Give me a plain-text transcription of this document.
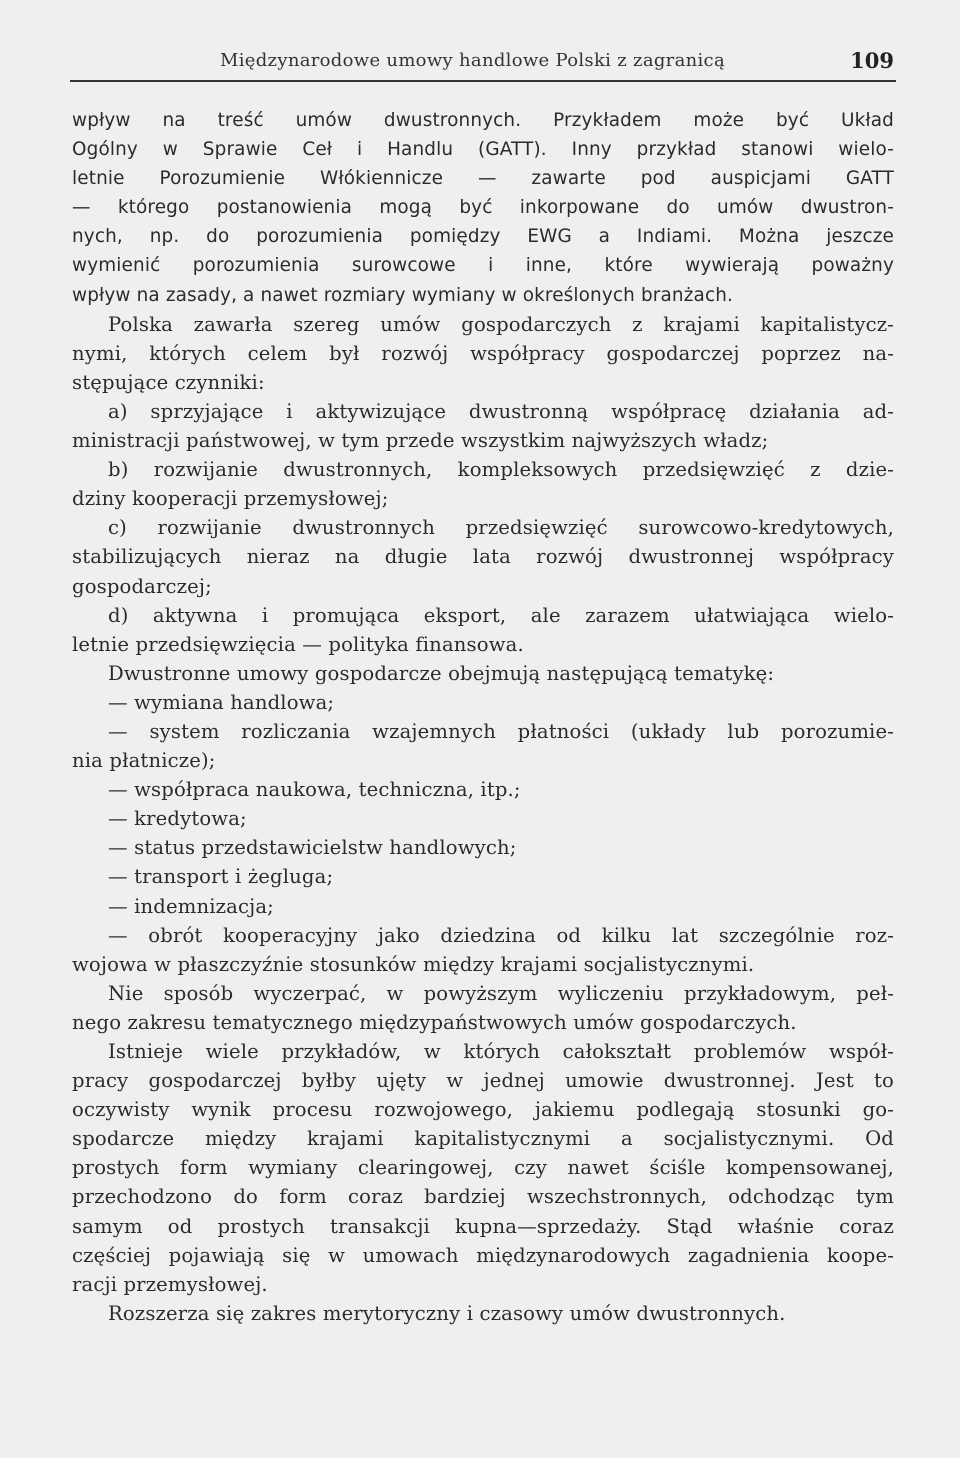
Międzynarodowe umowy handlowe Polski z zagranicą	109
wpływ na treść umów dwustronnych. Przykładem może być Układ
Ogólny w Sprawie Ceł i Handlu (GATT). Inny przykład stanowi wielo-
letnie Porozumienie Włókiennicze — zawarte pod auspicjami GATT
— którego postanowienia mogą być inkorpowane do umów dwustron-
nych, np. do porozumienia pomiędzy EWG a Indiami. Można jeszcze
wymienić porozumienia surowcowe i inne, które wywierają poważny
wpływ na zasady, a nawet rozmiary wymiany w określonych branżach.
Polska zawarła szereg umów gospodarczych z krajami kapitalistycz-
nymi, których celem był rozwój współpracy gospodarczej poprzez na-
stępujące czynniki:
a) sprzyjające i aktywizujące dwustronną współpracę działania ad-
ministracji państwowej, w tym przede wszystkim najwyższych władz;
b) rozwijanie dwustronnych, kompleksowych przedsięwzięć z dzie-
dziny kooperacji przemysłowej;
c) rozwijanie dwustronnych przedsięwzięć surowcowo-kredytowych,
stabilizujących nieraz na długie lata rozwój dwustronnej współpracy
gospodarczej;
d) aktywna i promująca eksport, ale zarazem ułatwiająca wielo-
letnie przedsięwzięcia — polityka finansowa.
Dwustronne umowy gospodarcze obejmują następującą tematykę:
— wymiana handlowa;
— system rozliczania wzajemnych płatności (układy lub porozumie-
nia płatnicze);
— współpraca naukowa, techniczna, itp.;
— kredytowa;
— status przedstawicielstw handlowych;
— transport i żegluga;
— indemnizacja;
— obrót kooperacyjny jako dziedzina od kilku lat szczególnie roz-
wojowa w płaszczyźnie stosunków między krajami socjalistycznymi.
Nie sposób wyczerpać, w powyższym wyliczeniu przykładowym, peł-
nego zakresu tematycznego międzypaństwowych umów gospodarczych.
Istnieje wiele przykładów, w których całokształt problemów współ-
pracy gospodarczej byłby ujęty w jednej umowie dwustronnej. Jest to
oczywisty wynik procesu rozwojowego, jakiemu podlegają stosunki go-
spodarcze między krajami kapitalistycznymi a socjalistycznymi. Od
prostych form wymiany clearingowej, czy nawet ściśle kompensowanej,
przechodzono do form coraz bardziej wszechstronnych, odchodząc tym
samym od prostych transakcji kupna—sprzedaży. Stąd właśnie coraz
częściej pojawiają się w umowach międzynarodowych zagadnienia koope-
racji przemysłowej.
Rozszerza się zakres merytoryczny i czasowy umów dwustronnych.
